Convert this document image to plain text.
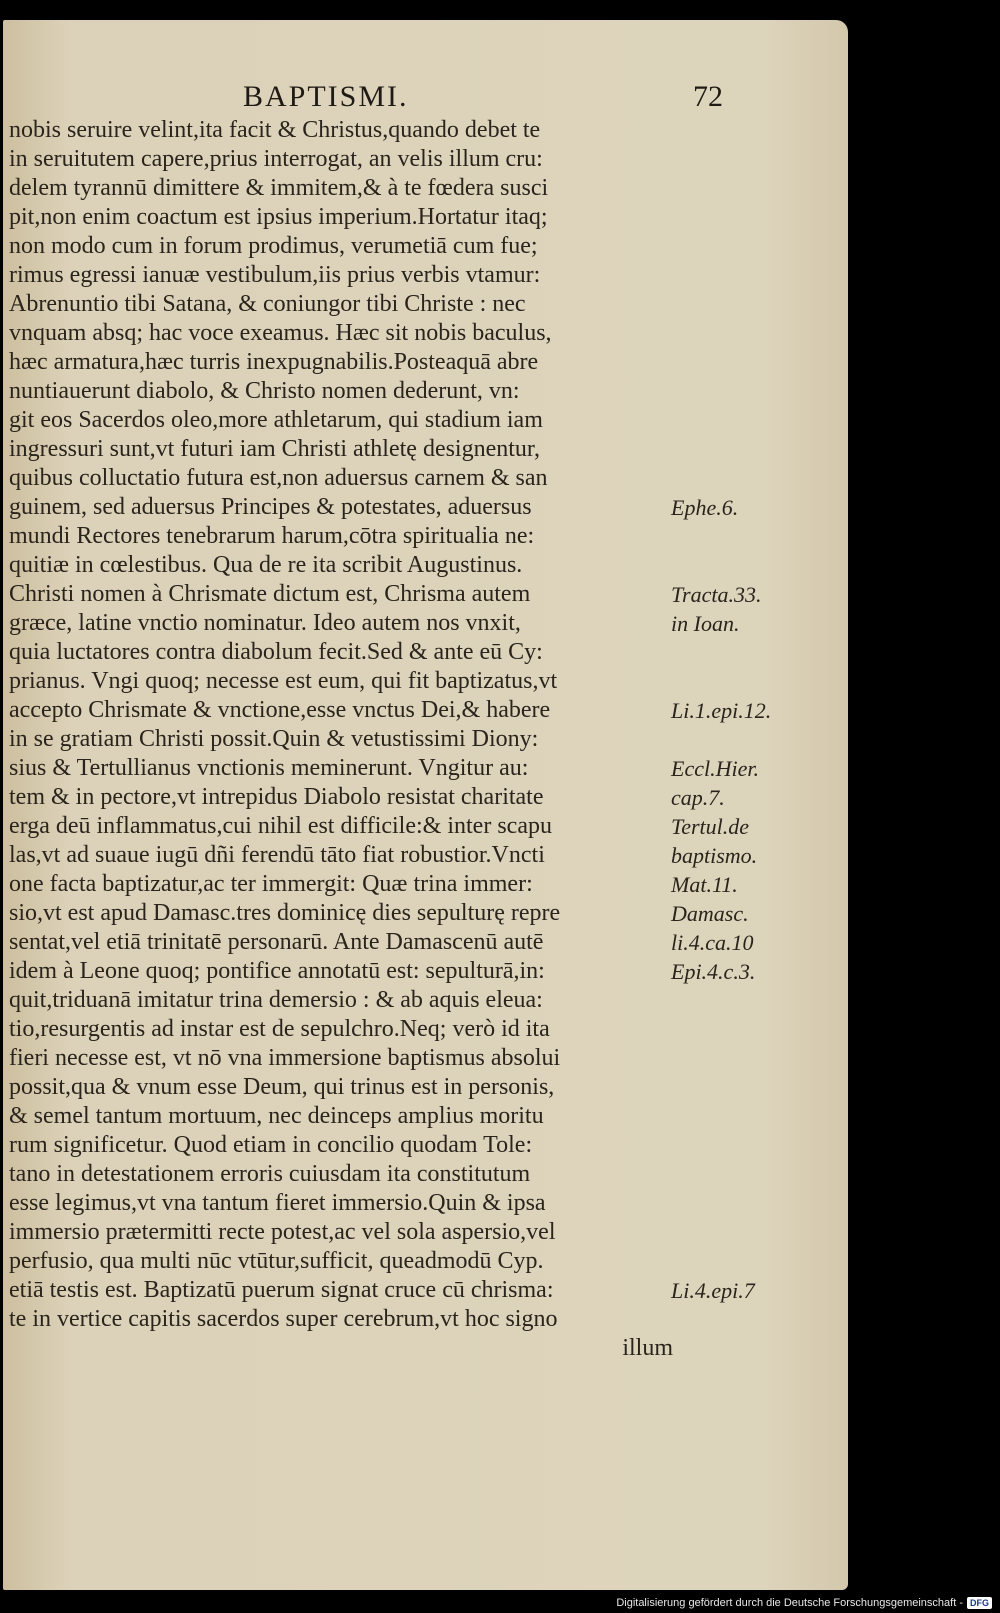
BAPTISMI.	72
nobis seruire velint,ita facit & Christus,quando debet te
in seruitutem capere,prius interrogat, an velis illum cru:
delem tyrannū dimittere & immitem,& à te fœdera susci
pit,non enim coactum est ipsius imperium.Hortatur itaq;
non modo cum in forum prodimus, verumetiā cum fue;
rimus egressi ianuæ vestibulum,iis prius verbis vtamur:
Abrenuntio tibi Satana, & coniungor tibi Christe : nec
vnquam absq; hac voce exeamus. Hæc sit nobis baculus,
hæc armatura,hæc turris inexpugnabilis.Posteaquā abre
nuntiauerunt diabolo, & Christo nomen dederunt, vn:
git eos Sacerdos oleo,more athletarum, qui stadium iam
ingressuri sunt,vt futuri iam Christi athletę designentur,
quibus colluctatio futura est,non aduersus carnem & san
guinem, sed aduersus Principes & potestates, aduersus
mundi Rectores tenebrarum harum,cōtra spiritualia ne:
quitiæ in cœlestibus. Qua de re ita scribit Augustinus.
Christi nomen à Chrismate dictum est, Chrisma autem
græce, latine vnctio nominatur. Ideo autem nos vnxit,
quia luctatores contra diabolum fecit.Sed & ante eū Cy:
prianus. Vngi quoq; necesse est eum, qui fit baptizatus,vt
accepto Chrismate & vnctione,esse vnctus Dei,& habere
in se gratiam Christi possit.Quin & vetustissimi Diony:
sius & Tertullianus vnctionis meminerunt. Vngitur au:
tem & in pectore,vt intrepidus Diabolo resistat charitate
erga deū inflammatus,cui nihil est difficile:& inter scapu
las,vt ad suaue iugū dñi ferendū tāto fiat robustior.Vncti
one facta baptizatur,ac ter immergit: Quæ trina immer:
sio,vt est apud Damasc.tres dominicę dies sepulturę repre
sentat,vel etiā trinitatē personarū. Ante Damascenū autē
idem à Leone quoq; pontifice annotatū est: sepulturā,in:
quit,triduanā imitatur trina demersio : & ab aquis eleua:
tio,resurgentis ad instar est de sepulchro.Neq; verò id ita
fieri necesse est, vt nō vna immersione baptismus absolui
possit,qua & vnum esse Deum, qui trinus est in personis,
& semel tantum mortuum, nec deinceps amplius moritu
rum significetur. Quod etiam in concilio quodam Tole:
tano in detestationem erroris cuiusdam ita constitutum
esse legimus,vt vna tantum fieret immersio.Quin & ipsa
immersio prætermitti recte potest,ac vel sola aspersio,vel
perfusio, qua multi nūc vtūtur,sufficit, queadmodū Cyp.
etiā testis est. Baptizatū puerum signat cruce cū chrisma:
te in vertice capitis sacerdos super cerebrum,vt hoc signo
illum
Ephe.6.
Tracta.33.
in Ioan.
Li.1.epi.12.
Eccl.Hier.
cap.7.
Tertul.de
baptismo.
Mat.11.
Damasc.
li.4.ca.10
Epi.4.c.3.
Li.4.epi.7
Digitalisierung gefördert durch die Deutsche Forschungsgemeinschaft - DFG
